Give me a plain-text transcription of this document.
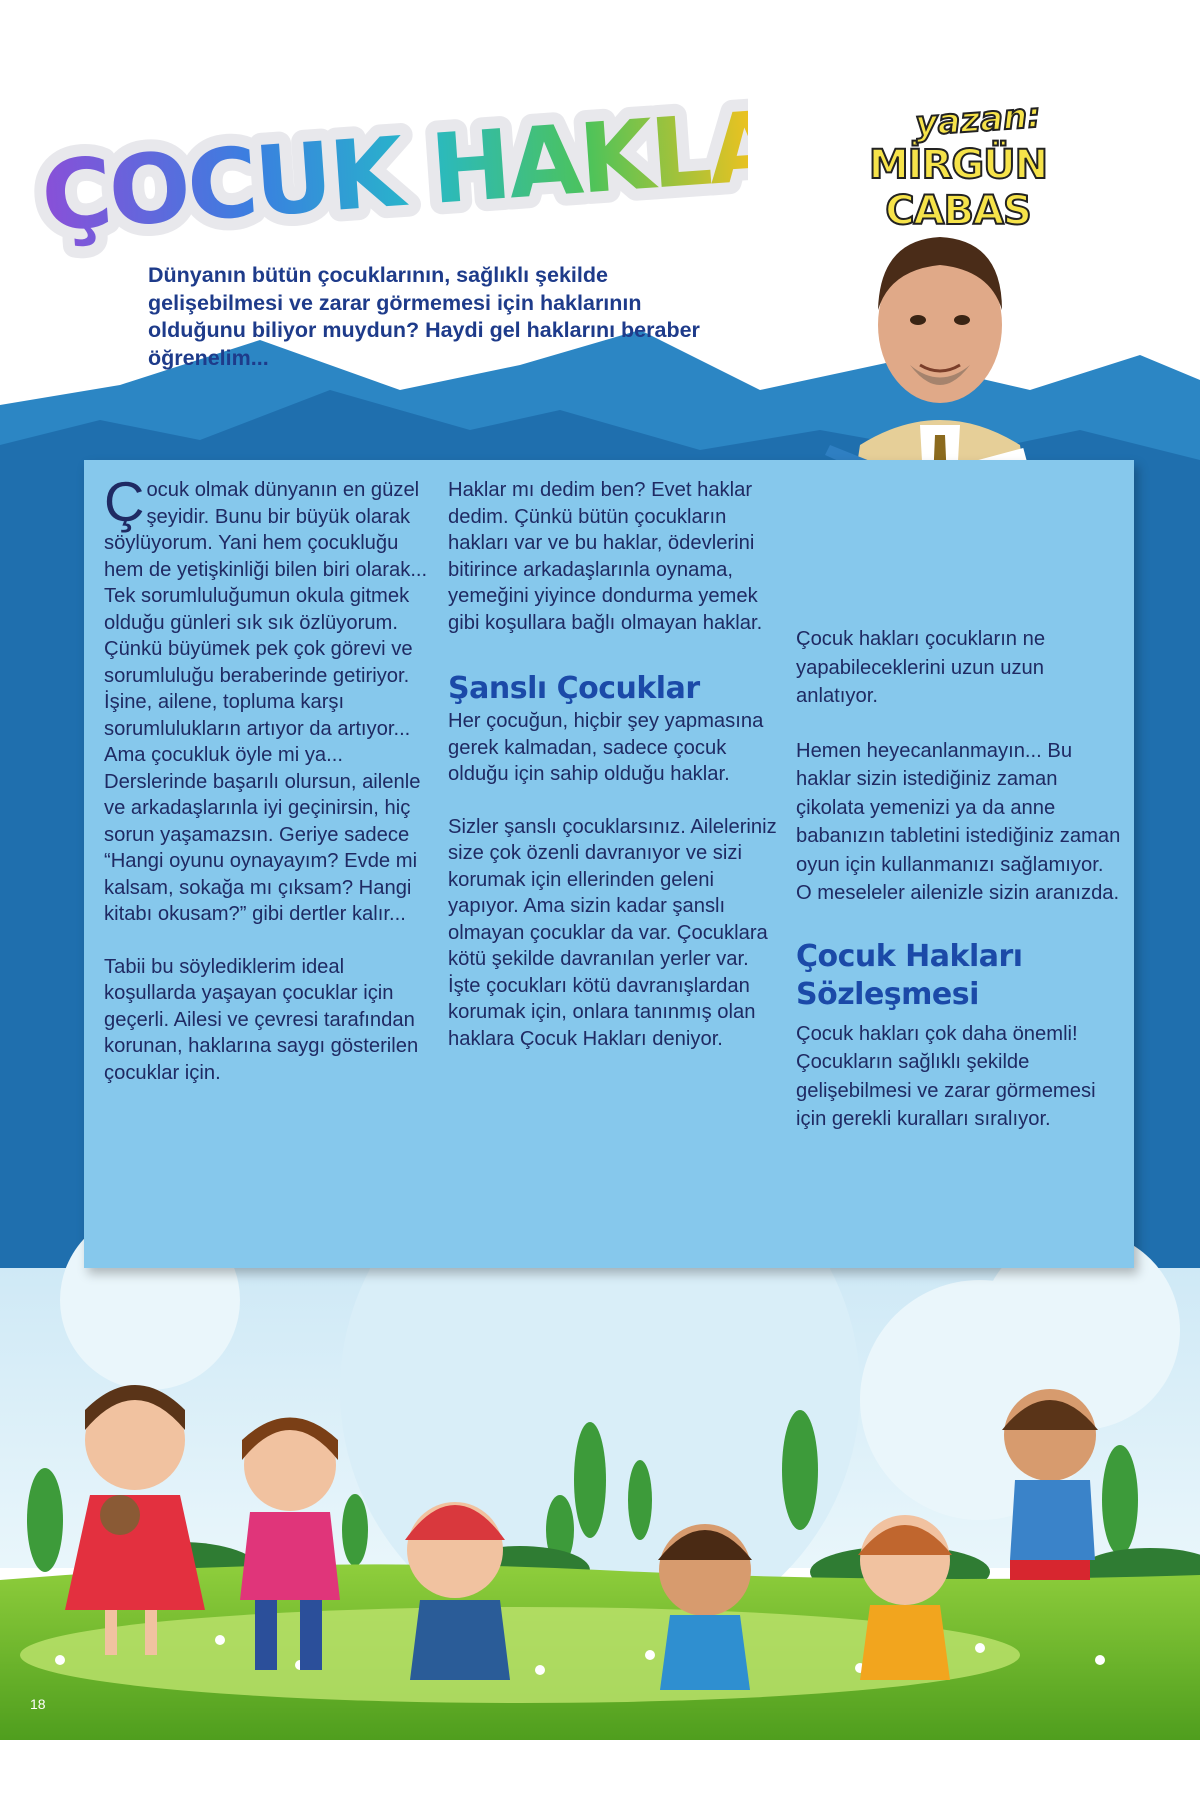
ÇOCUK HAKLARI
ÇOCUK HAKLARI yazan:
MİRGÜN CABAS

Dünyanın bütün çocuklarının, sağlıklı şekilde gelişebilmesi ve zarar görmemesi için haklarının olduğunu biliyor muydun? Haydi gel haklarını beraber öğrenelim...

Çocuk olmak dünyanın en güzel şeyidir. Bunu bir büyük olarak söylüyorum. Yani hem çocukluğu hem de yetişkinliği bilen biri olarak... Tek sorumluluğumun okula gitmek olduğu günleri sık sık özlüyorum. Çünkü büyümek pek çok görevi ve sorumluluğu beraberinde getiriyor. İşine, ailene, topluma karşı sorumlulukların artıyor da artıyor... Ama çocukluk öyle mi ya... Derslerinde başarılı olursun, ailenle ve arkadaşlarınla iyi geçinirsin, hiç sorun yaşamazsın. Geriye sadece “Hangi oyunu oynayayım? Evde mi kalsam, sokağa mı çıksam? Hangi kitabı okusam?” gibi dertler kalır...

Tabii bu söylediklerim ideal koşullarda yaşayan çocuklar için geçerli. Ailesi ve çevresi tarafından korunan, haklarına saygı gösterilen çocuklar için.

Haklar mı dedim ben? Evet haklar dedim. Çünkü bütün çocukların hakları var ve bu haklar, ödevlerini bitirince arkadaşlarınla oynama, yemeğini yiyince dondurma yemek gibi koşullara bağlı olmayan haklar.

Şanslı Çocuklar

Her çocuğun, hiçbir şey yapmasına gerek kalmadan, sadece çocuk olduğu için sahip olduğu haklar.

Sizler şanslı çocuklarsınız. Aileleriniz size çok özenli davranıyor ve sizi korumak için ellerinden geleni yapıyor. Ama sizin kadar şanslı olmayan çocuklar da var. Çocuklara kötü şekilde davranılan yerler var. İşte çocukları kötü davranışlardan korumak için, onlara tanınmış olan haklara Çocuk Hakları deniyor.

Çocuk hakları çocukların ne yapabileceklerini uzun uzun anlatıyor.

Hemen heyecanlanmayın... Bu haklar sizin istediğiniz zaman çikolata yemenizi ya da anne babanızın tabletini istediğiniz zaman oyun için kullanmanızı sağlamıyor. O meseleler ailenizle sizin aranızda.

Çocuk Hakları Sözleşmesi

Çocuk hakları çok daha önemli! Çocukların sağlıklı şekilde gelişebilmesi ve zarar görmemesi için gerekli kuralları sıralıyor.

18
